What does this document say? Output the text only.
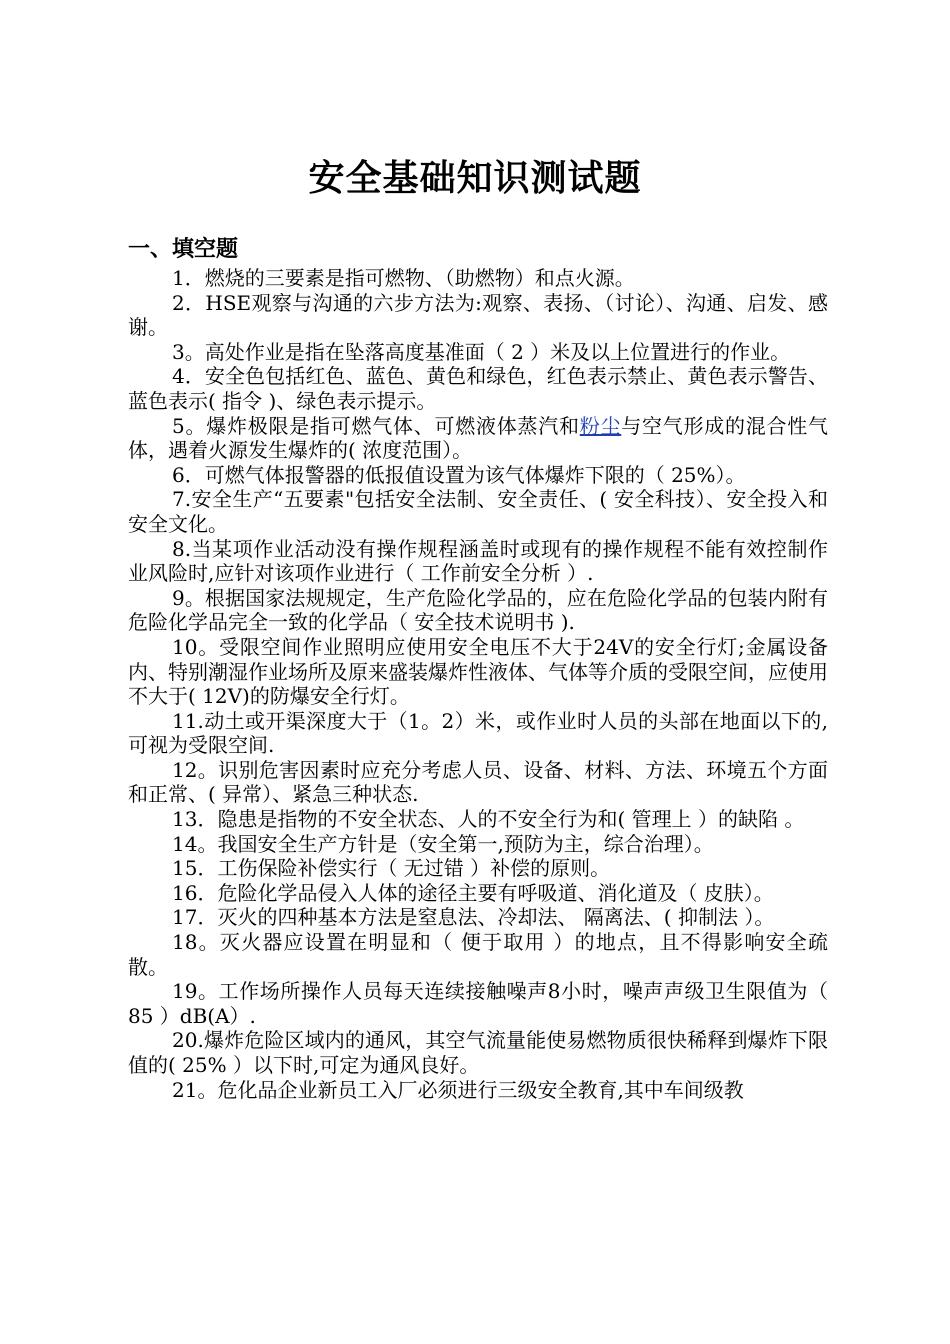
安全基础知识测试题
一、填空题

1．燃烧的三要素是指可燃物、（助燃物）和点火源。

2．HSE观察与沟通的六步方法为:观察、表扬、（讨论）、沟通、启发、感谢。

3。高处作业是指在坠落高度基准面（ 2 ）米及以上位置进行的作业。

4．安全色包括红色、蓝色、黄色和绿色，红色表示禁止、黄色表示警告、蓝色表示( 指令 )、绿色表示提示。

5。爆炸极限是指可燃气体、可燃液体蒸汽和粉尘与空气形成的混合性气体，遇着火源发生爆炸的( 浓度范围）。

6．可燃气体报警器的低报值设置为该气体爆炸下限的（ 25%）。

7.安全生产“五要素"包括安全法制、安全责任、( 安全科技）、安全投入和安全文化。

8.当某项作业活动没有操作规程涵盖时或现有的操作规程不能有效控制作业风险时,应针对该项作业进行（ 工作前安全分析 ）.

9。根据国家法规规定，生产危险化学品的，应在危险化学品的包装内附有危险化学品完全一致的化学品（ 安全技术说明书 ).

10。受限空间作业照明应使用安全电压不大于24V的安全行灯;金属设备内、特别潮湿作业场所及原来盛装爆炸性液体、气体等介质的受限空间，应使用不大于( 12V)的防爆安全行灯。

11.动土或开渠深度大于（1。2）米，或作业时人员的头部在地面以下的,可视为受限空间.

12。识别危害因素时应充分考虑人员、设备、材料、方法、环境五个方面和正常、( 异常）、紧急三种状态.

13．隐患是指物的不安全状态、人的不安全行为和( 管理上 ）的缺陷 。

14。我国安全生产方针是（安全第一,预防为主，综合治理）。

15．工伤保险补偿实行（ 无过错 ）补偿的原则。

16．危险化学品侵入人体的途径主要有呼吸道、消化道及（ 皮肤）。

17．灭火的四种基本方法是窒息法、冷却法、 隔离法、( 抑制法 ）。

18。灭火器应设置在明显和（ 便于取用 ）的地点，且不得影响安全疏散。

19。工作场所操作人员每天连续接触噪声8小时，噪声声级卫生限值为（ 85 ）dB(A）.

20.爆炸危险区域内的通风，其空气流量能使易燃物质很快稀释到爆炸下限值的( 25% ）以下时,可定为通风良好。

21。危化品企业新员工入厂必须进行三级安全教育,其中车间级教
